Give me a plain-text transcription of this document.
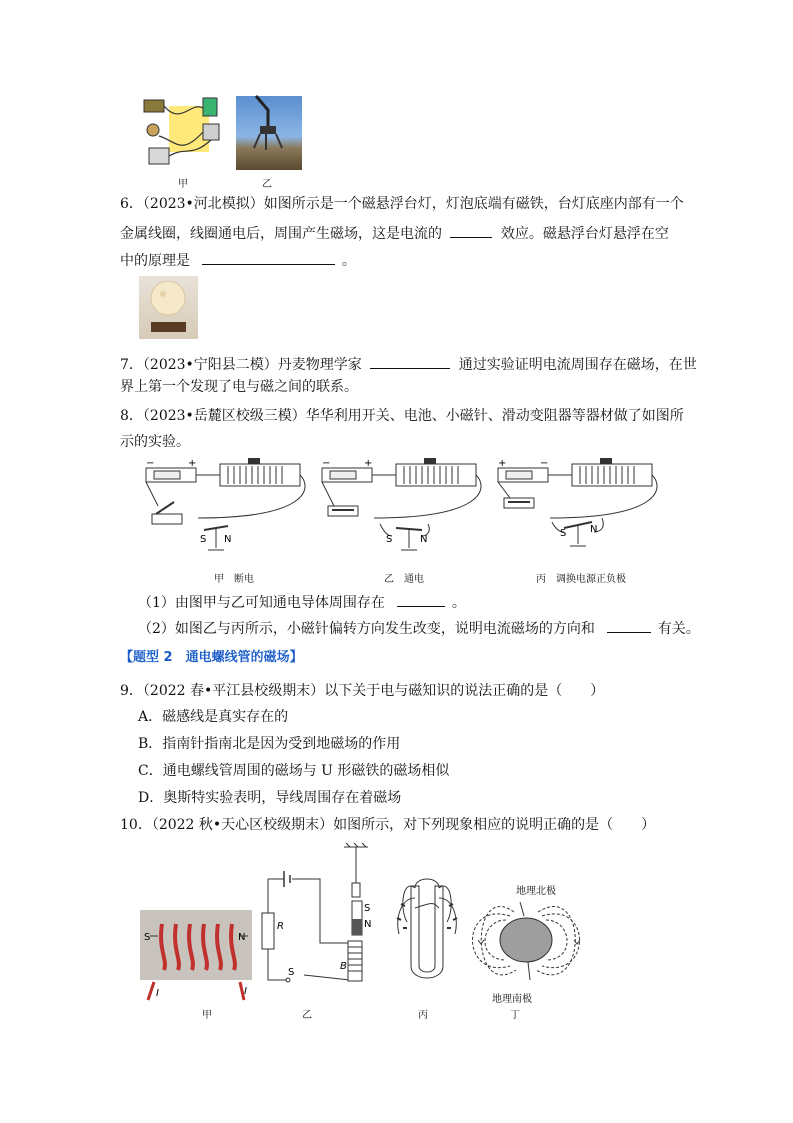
甲	乙
6．（2023•河北模拟）如图所示是一个磁悬浮台灯，灯泡底端有磁铁，台灯底座内部有一个
金属线圈，线圈通电后，周围产生磁场，这是电流的	效应。磁悬浮台灯悬浮在空
中的原理是	。
7．（2023•宁阳县二模）丹麦物理学家	通过实验证明电流周围存在磁场，在世
界上第一个发现了电与磁之间的联系。
8．（2023•岳麓区校级三模）华华利用开关、电池、小磁针、滑动变阻器等器材做了如图所
示的实验。
−	+
S N
−	+
S	N
+	−
S N
甲　断电	乙　通电	丙　调换电源正负极
（1）由图甲与乙可知通电导体周围存在	。
（2）如图乙与丙所示，小磁针偏转方向发生改变，说明电流磁场的方向和	有关。
【题型 2　通电螺线管的磁场】
9．（2022 春•平江县校级期末）以下关于电与磁知识的说法正确的是（　　）
A．磁感线是真实存在的
B．指南针指南北是因为受到地磁场的作用
C．通电螺线管周围的磁场与 U 形磁铁的磁场相似
D．奥斯特实验表明，导线周围存在着磁场
10．（2022 秋•天心区校级期末）如图所示，对下列现象相应的说明正确的是（　　）
S	N
I	I
R
S
B
S
N
地理北极
地理南极
甲	乙	丙	丁
